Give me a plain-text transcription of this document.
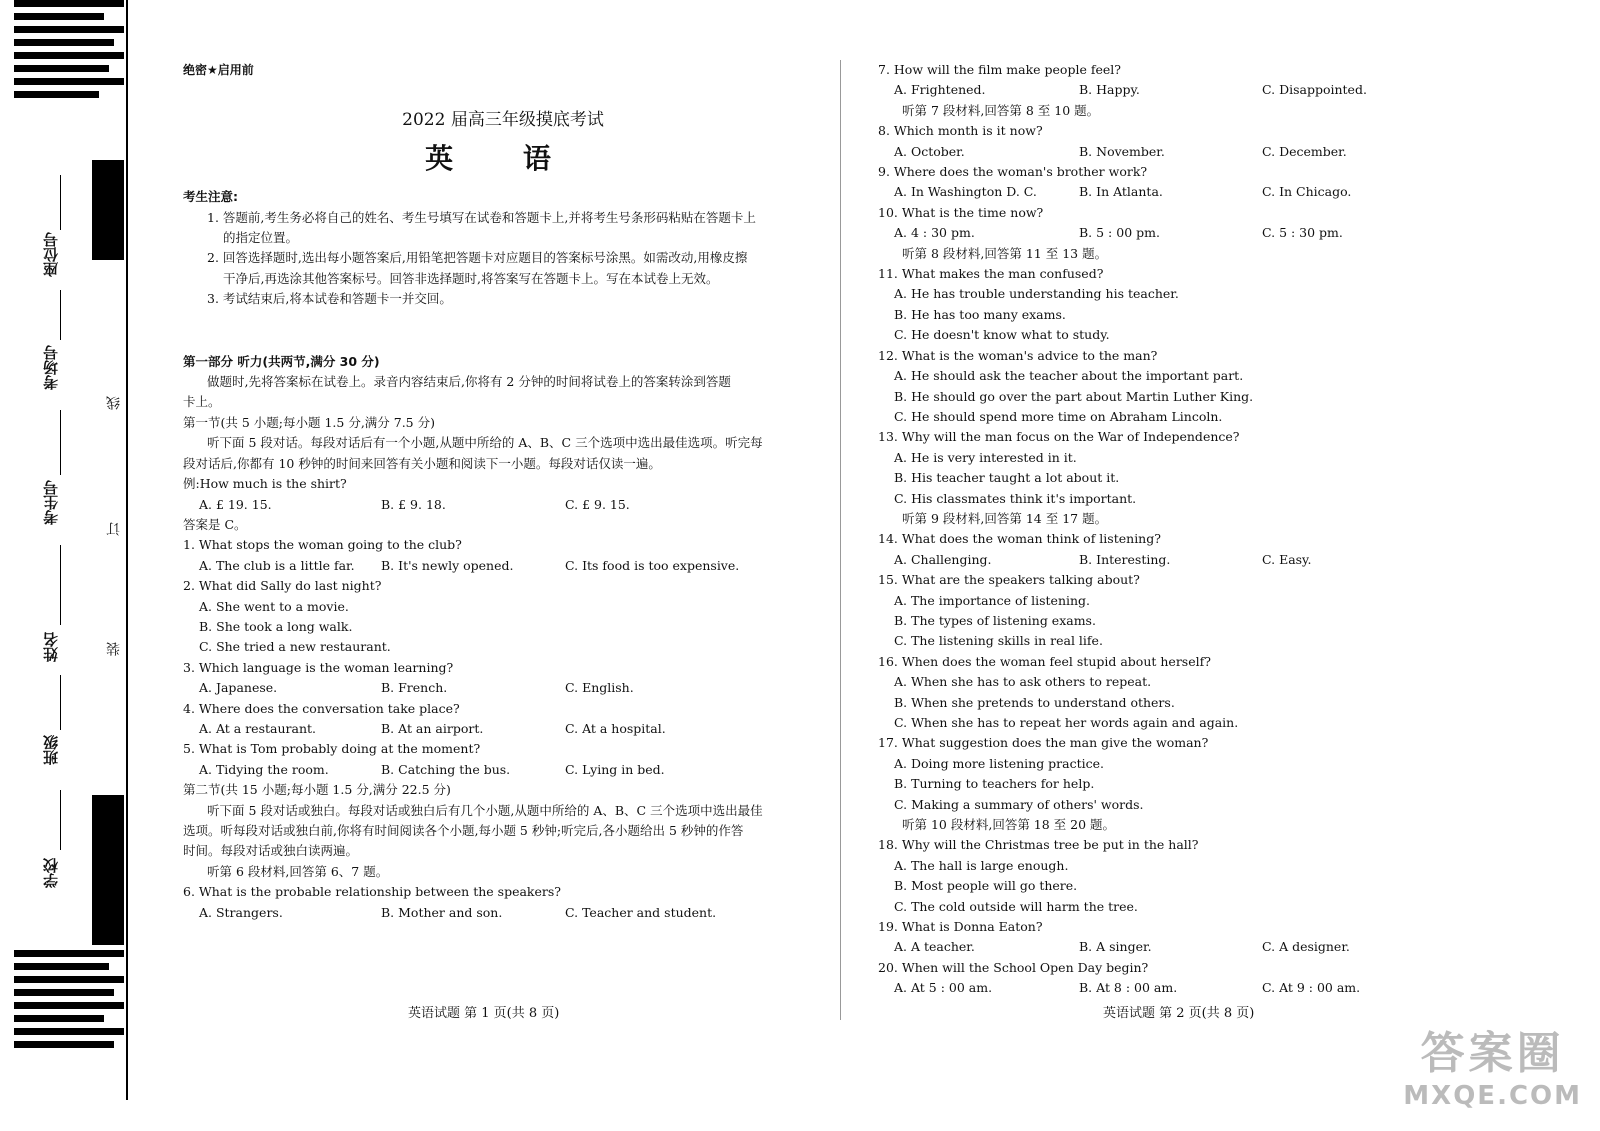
座位号
考场号
考生号
姓名
班级
学校
线
订
装
绝密★启用前
2022 届高三年级摸底考试
英 语
考生注意:
1. 答题前,考生务必将自己的姓名、考生号填写在试卷和答题卡上,并将考生号条形码粘贴在答题卡上
的指定位置。
2. 回答选择题时,选出每小题答案后,用铅笔把答题卡对应题目的答案标号涂黑。如需改动,用橡皮擦
干净后,再选涂其他答案标号。回答非选择题时,将答案写在答题卡上。写在本试卷上无效。
3. 考试结束后,将本试卷和答题卡一并交回。
第一部分 听力(共两节,满分 30 分)
做题时,先将答案标在试卷上。录音内容结束后,你将有 2 分钟的时间将试卷上的答案转涂到答题
卡上。
第一节(共 5 小题;每小题 1.5 分,满分 7.5 分)
听下面 5 段对话。每段对话后有一个小题,从题中所给的 A、B、C 三个选项中选出最佳选项。听完每
段对话后,你都有 10 秒钟的时间来回答有关小题和阅读下一小题。每段对话仅读一遍。
例:How much is the shirt?
A. £ 19. 15.	B. £ 9. 18.	C. £ 9. 15.
答案是 C。
1. What stops the woman going to the club?
A. The club is a little far.	B. It's newly opened.	C. Its food is too expensive.
2. What did Sally do last night?
A. She went to a movie.
B. She took a long walk.
C. She tried a new restaurant.
3. Which language is the woman learning?
A. Japanese.	B. French.	C. English.
4. Where does the conversation take place?
A. At a restaurant.	B. At an airport.	C. At a hospital.
5. What is Tom probably doing at the moment?
A. Tidying the room.	B. Catching the bus.	C. Lying in bed.
第二节(共 15 小题;每小题 1.5 分,满分 22.5 分)
听下面 5 段对话或独白。每段对话或独白后有几个小题,从题中所给的 A、B、C 三个选项中选出最佳
选项。听每段对话或独白前,你将有时间阅读各个小题,每小题 5 秒钟;听完后,各小题给出 5 秒钟的作答
时间。每段对话或独白读两遍。
听第 6 段材料,回答第 6、7 题。
6. What is the probable relationship between the speakers?
A. Strangers.	B. Mother and son.	C. Teacher and student.
7. How will the film make people feel?
A. Frightened.	B. Happy.	C. Disappointed.
听第 7 段材料,回答第 8 至 10 题。
8. Which month is it now?
A. October.	B. November.	C. December.
9. Where does the woman's brother work?
A. In Washington D. C.	B. In Atlanta.	C. In Chicago.
10. What is the time now?
A. 4 : 30 pm.	B. 5 : 00 pm.	C. 5 : 30 pm.
听第 8 段材料,回答第 11 至 13 题。
11. What makes the man confused?
A. He has trouble understanding his teacher.
B. He has too many exams.
C. He doesn't know what to study.
12. What is the woman's advice to the man?
A. He should ask the teacher about the important part.
B. He should go over the part about Martin Luther King.
C. He should spend more time on Abraham Lincoln.
13. Why will the man focus on the War of Independence?
A. He is very interested in it.
B. His teacher taught a lot about it.
C. His classmates think it's important.
听第 9 段材料,回答第 14 至 17 题。
14. What does the woman think of listening?
A. Challenging.	B. Interesting.	C. Easy.
15. What are the speakers talking about?
A. The importance of listening.
B. The types of listening exams.
C. The listening skills in real life.
16. When does the woman feel stupid about herself?
A. When she has to ask others to repeat.
B. When she pretends to understand others.
C. When she has to repeat her words again and again.
17. What suggestion does the man give the woman?
A. Doing more listening practice.
B. Turning to teachers for help.
C. Making a summary of others' words.
听第 10 段材料,回答第 18 至 20 题。
18. Why will the Christmas tree be put in the hall?
A. The hall is large enough.
B. Most people will go there.
C. The cold outside will harm the tree.
19. What is Donna Eaton?
A. A teacher.	B. A singer.	C. A designer.
20. When will the School Open Day begin?
A. At 5 : 00 am.	B. At 8 : 00 am.	C. At 9 : 00 am.
英语试题 第 1 页(共 8 页)	英语试题 第 2 页(共 8 页)
答案圈
MXQE.COM
